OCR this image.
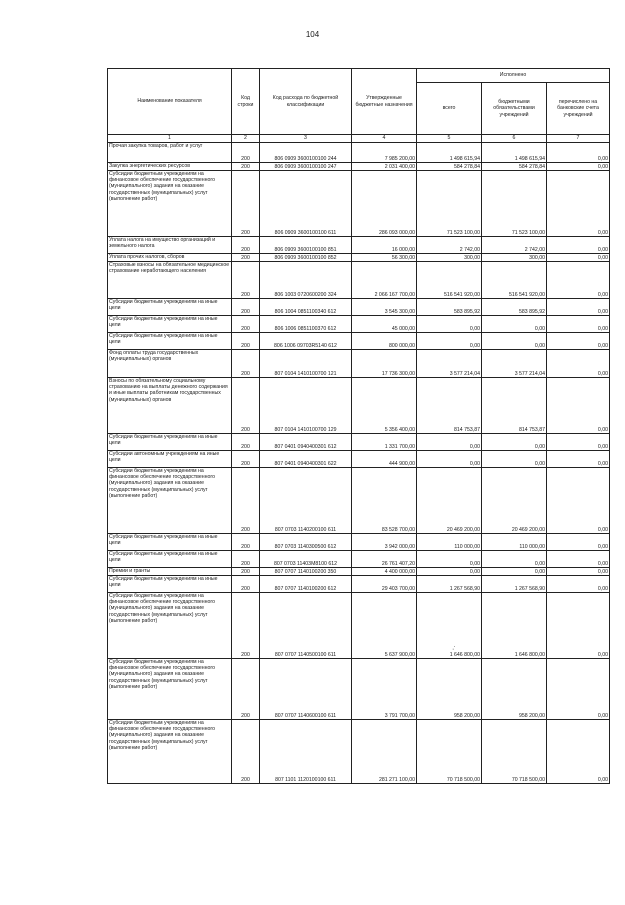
104
Наименование показателя	Код строки	Код расхода по бюджетной классификации	Утвержденные бюджетные назначения	Исполнено		
				всего	бюджетными обязательствами учреждений	перечислено на банковские счета учреждений
1	2	3	4	5	6	7
Прочая закупка товаров, работ и услуг	200	806 0909 3600100100 244	7 985 200,00	1 498 615,94	1 498 615,94	0,00
Закупка энергетических ресурсов	200	806 0909 3600100100 247	2 031 400,00	584 278,84	584 278,84	0,00
Субсидии бюджетным учреждениям на финансовое обеспечение государственного (муниципального) задания на оказание государственных (муниципальных) услуг (выполнение работ)	200	806 0909 3600100100 611	286 093 000,00	71 523 100,00	71 523 100,00	0,00
Уплата налога на имущество организаций и земельного налога	200	806 0909 3600100100 851	16 000,00	2 742,00	2 742,00	0,00
Уплата прочих налогов, сборов	200	806 0909 3600100100 852	56 300,00	300,00	300,00	0,00
Страховые взносы на обязательное медицинское страхование неработающего населения	200	806 1003 0720600200 324	2 066 167 700,00	516 541 920,00	516 541 920,00	0,00
Субсидии бюджетным учреждениям на иные цели	200	806 1004 0851100340 612	3 545 300,00	583 895,92	583 895,92	0,00
Субсидии бюджетным учреждениям на иные цели	200	806 1006 0851100370 612	45 000,00	0,00	0,00	0,00
Субсидии бюджетным учреждениям на иные цели	200	806 1006 09703R5140 612	800 000,00	0,00	0,00	0,00
Фонд оплаты труда государственных (муниципальных) органов	200	807 0104 1410100700 121	17 736 300,00	3 577 214,04	3 577 214,04	0,00
Взносы по обязательному социальному страхованию на выплаты денежного содержания и иные выплаты работникам государственных (муниципальных) органов	200	807 0104 1410100700 129	5 356 400,00	814 753,87	814 753,87	0,00
Субсидии бюджетным учреждениям на иные цели	200	807 0401 0940400301 612	1 331 700,00	0,00	0,00	0,00
Субсидии автономным учреждениям на иные цели	200	807 0401 0940400301 622	444 900,00	0,00	0,00	0,00
Субсидии бюджетным учреждениям на финансовое обеспечение государственного (муниципального) задания на оказание государственных (муниципальных) услуг (выполнение работ)	200	807 0703 1140200100 611	83 528 700,00	20 469 200,00	20 469 200,00	0,00
Субсидии бюджетным учреждениям на иные цели	200	807 0703 1140300500 612	3 942 000,00	110 000,00	110 000,00	0,00
Субсидии бюджетным учреждениям на иные цели	200	807 0703 11403M8100 612	26 761 407,20	0,00	0,00	0,00
Премии и гранты	200	807 0707 1140100200 350	4 400 000,00	0,00	0,00	0,00
Субсидии бюджетным учреждениям на иные цели	200	807 0707 1140100200 612	29 403 700,00	1 267 568,90	1 267 568,90	0,00
Субсидии бюджетным учреждениям на финансовое обеспечение государственного (муниципального) задания на оказание государственных (муниципальных) услуг (выполнение работ)	200	807 0707 1140500100 611	5 637 900,00	1 646 800,00	1 646 800,00	0,00
Субсидии бюджетным учреждениям на финансовое обеспечение государственного (муниципального) задания на оказание государственных (муниципальных) услуг (выполнение работ)	200	807 0707 1140600100 611	3 791 700,00	958 200,00	958 200,00	0,00
Субсидии бюджетным учреждениям на финансовое обеспечение государственного (муниципального) задания на оказание государственных (муниципальных) услуг (выполнение работ)	200	807 1101 1120100100 611	281 271 100,00	70 718 500,00	70 718 500,00	0,00
·̇
